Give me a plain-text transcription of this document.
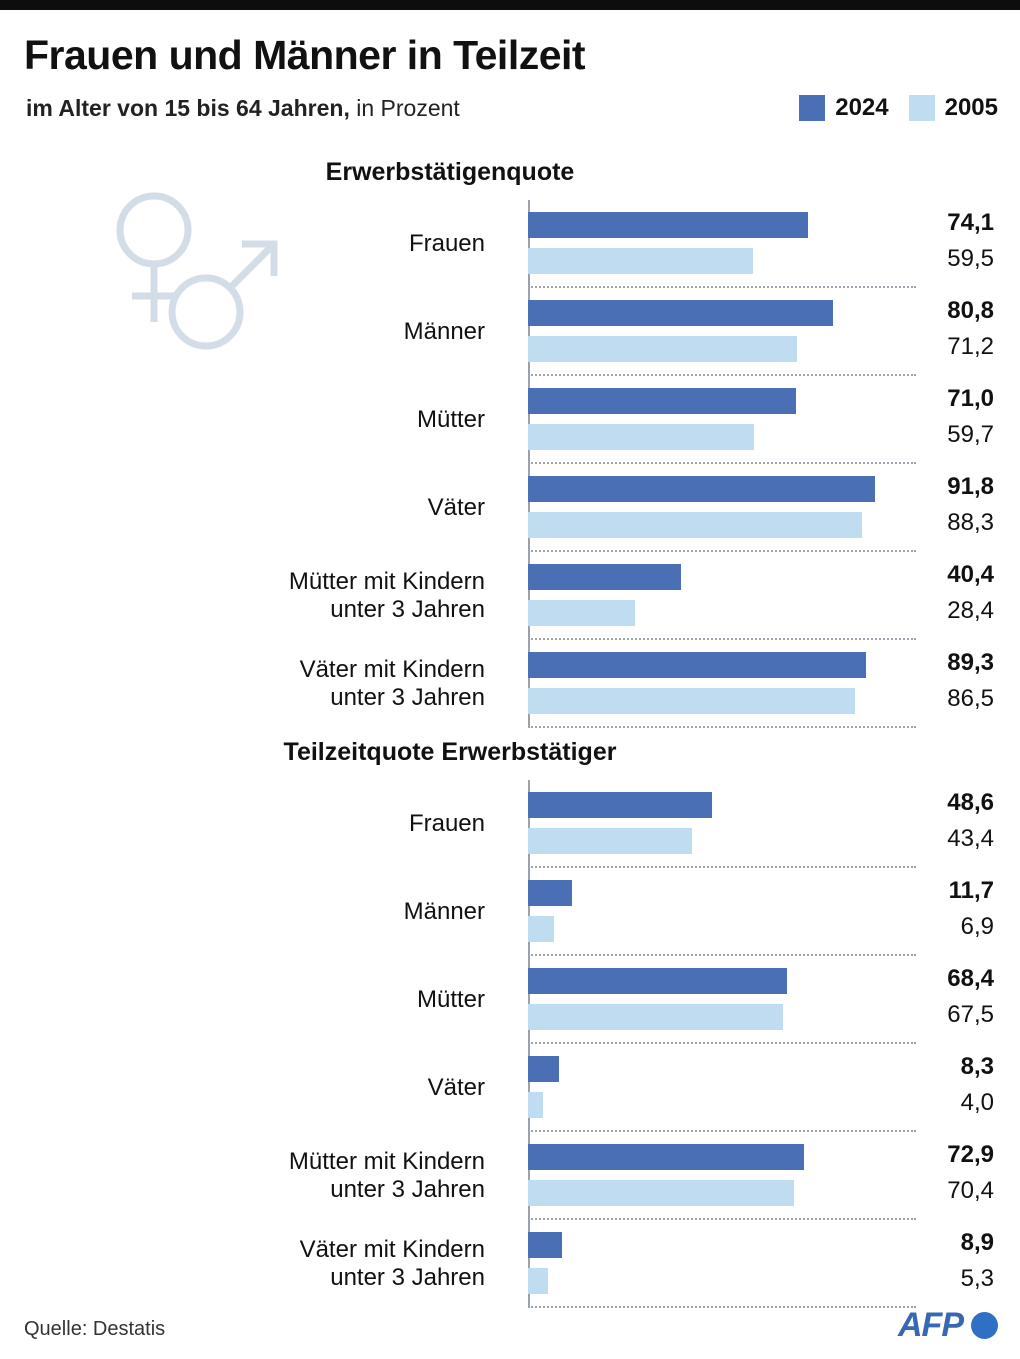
Frauen und Männer in Teilzeit
im Alter von 15 bis 64 Jahren, in Prozent	2024 2005
Erwerbstätigenquote
Frauen
74,1
59,5
Männer
80,8
71,2
Mütter
71,0
59,7
Väter
91,8
88,3
Mütter mit Kindern
unter 3 Jahren
40,4
28,4
Väter mit Kindern
unter 3 Jahren
89,3
86,5
Teilzeitquote Erwerbstätiger
Frauen
48,6
43,4
Männer
11,7
6,9
Mütter
68,4
67,5
Väter
8,3
4,0
Mütter mit Kindern
unter 3 Jahren
72,9
70,4
Väter mit Kindern
unter 3 Jahren
8,9
5,3
Quelle: Destatis	AFP
